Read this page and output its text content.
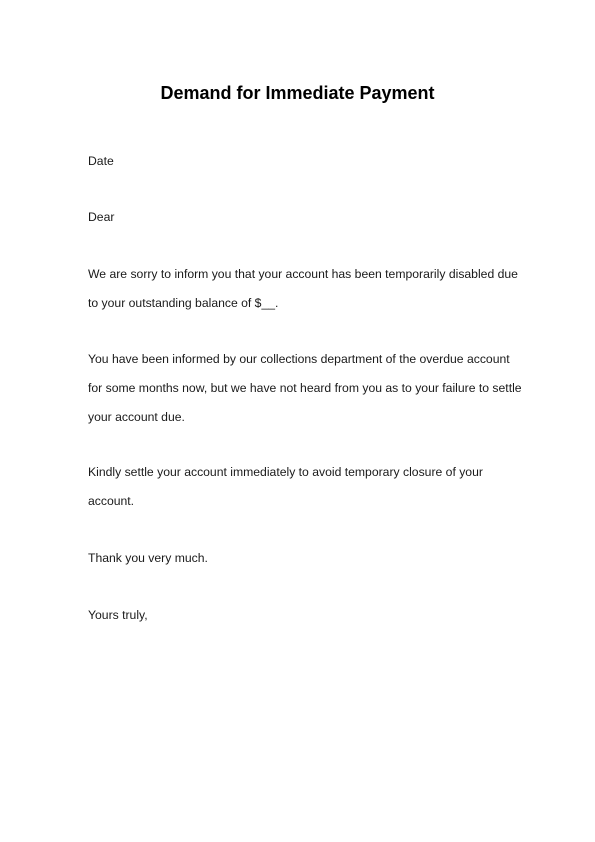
Demand for Immediate Payment

Date

Dear

We are sorry to inform you that your account has been temporarily disabled due
to your outstanding balance of $__.

You have been informed by our collections department of the overdue account
for some months now, but we have not heard from you as to your failure to settle
your account due.

Kindly settle your account immediately to avoid temporary closure of your
account.

Thank you very much.

Yours truly,
